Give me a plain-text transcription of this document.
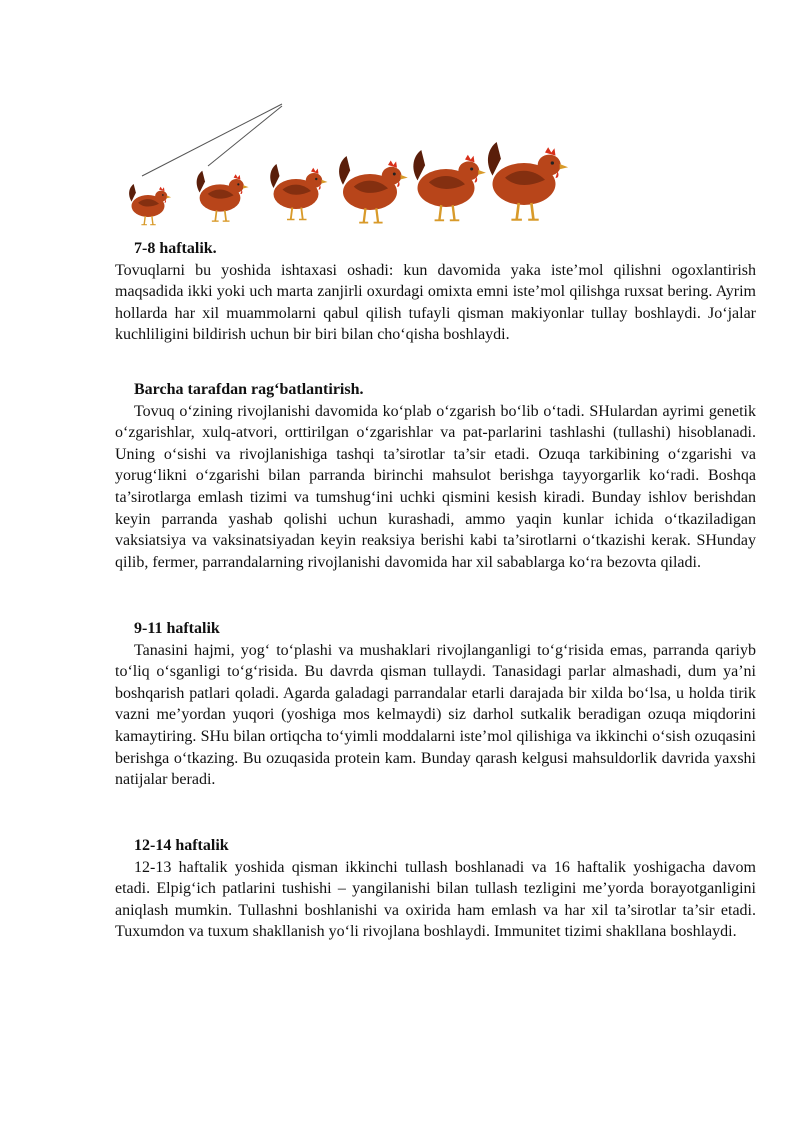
7-8 haftalik.

Tovuqlarni bu yoshida ishtaxasi oshadi: kun davomida yaka iste’mol qilishni ogoxlantirish maqsadida ikki yoki uch marta zanjirli oxurdagi omixta emni iste’mol qilishga ruxsat bering. Ayrim hollarda har xil muammolarni qabul qilish tufayli qisman makiyonlar tullay boshlaydi. Jo‘jalar kuchliligini bildirish uchun bir biri bilan cho‘qisha boshlaydi.

Barcha tarafdan rag‘batlantirish.

Tovuq o‘zining rivojlanishi davomida ko‘plab o‘zgarish bo‘lib o‘tadi. SHulardan ayrimi genetik o‘zgarishlar, xulq-atvori, orttirilgan o‘zgarishlar va pat-parlarini tashlashi (tullashi) hisoblanadi. Uning o‘sishi va rivojlanishiga tashqi ta’sirotlar ta’sir etadi. Ozuqa tarkibining o‘zgarishi va yorug‘likni o‘zgarishi bilan parranda birinchi mahsulot berishga tayyorgarlik ko‘radi. Boshqa ta’sirotlarga emlash tizimi va tumshug‘ini uchki qismini kesish kiradi. Bunday ishlov berishdan keyin parranda yashab qolishi uchun kurashadi, ammo yaqin kunlar ichida o‘tkaziladigan vaksiatsiya va vaksinatsiyadan keyin reaksiya berishi kabi ta’sirotlarni o‘tkazishi kerak. SHunday qilib, fermer, parrandalarning rivojlanishi davomida har xil sabablarga ko‘ra bezovta qiladi.

9-11 haftalik

Tanasini hajmi, yog‘ to‘plashi va mushaklari rivojlanganligi to‘g‘risida emas, parranda qariyb to‘liq o‘sganligi to‘g‘risida. Bu davrda qisman tullaydi. Tanasidagi parlar almashadi, dum ya’ni boshqarish patlari qoladi. Agarda galadagi parrandalar etarli darajada bir xilda bo‘lsa, u holda tirik vazni me’yordan yuqori (yoshiga mos kelmaydi) siz darhol sutkalik beradigan ozuqa miqdorini kamaytiring. SHu bilan ortiqcha to‘yimli moddalarni iste’mol qilishiga va ikkinchi o‘sish ozuqasini berishga o‘tkazing. Bu ozuqasida protein kam. Bunday qarash kelgusi mahsuldorlik davrida yaxshi natijalar beradi.

12-14 haftalik

12-13 haftalik yoshida qisman ikkinchi tullash boshlanadi va 16 haftalik yoshigacha davom etadi. Elpig‘ich patlarini tushishi – yangilanishi bilan tullash tezligini me’yorda borayotganligini aniqlash mumkin. Tullashni boshlanishi va oxirida ham emlash va har xil ta’sirotlar ta’sir etadi. Tuxumdon va tuxum shakllanish yo‘li rivojlana boshlaydi. Immunitet tizimi shakllana boshlaydi.
